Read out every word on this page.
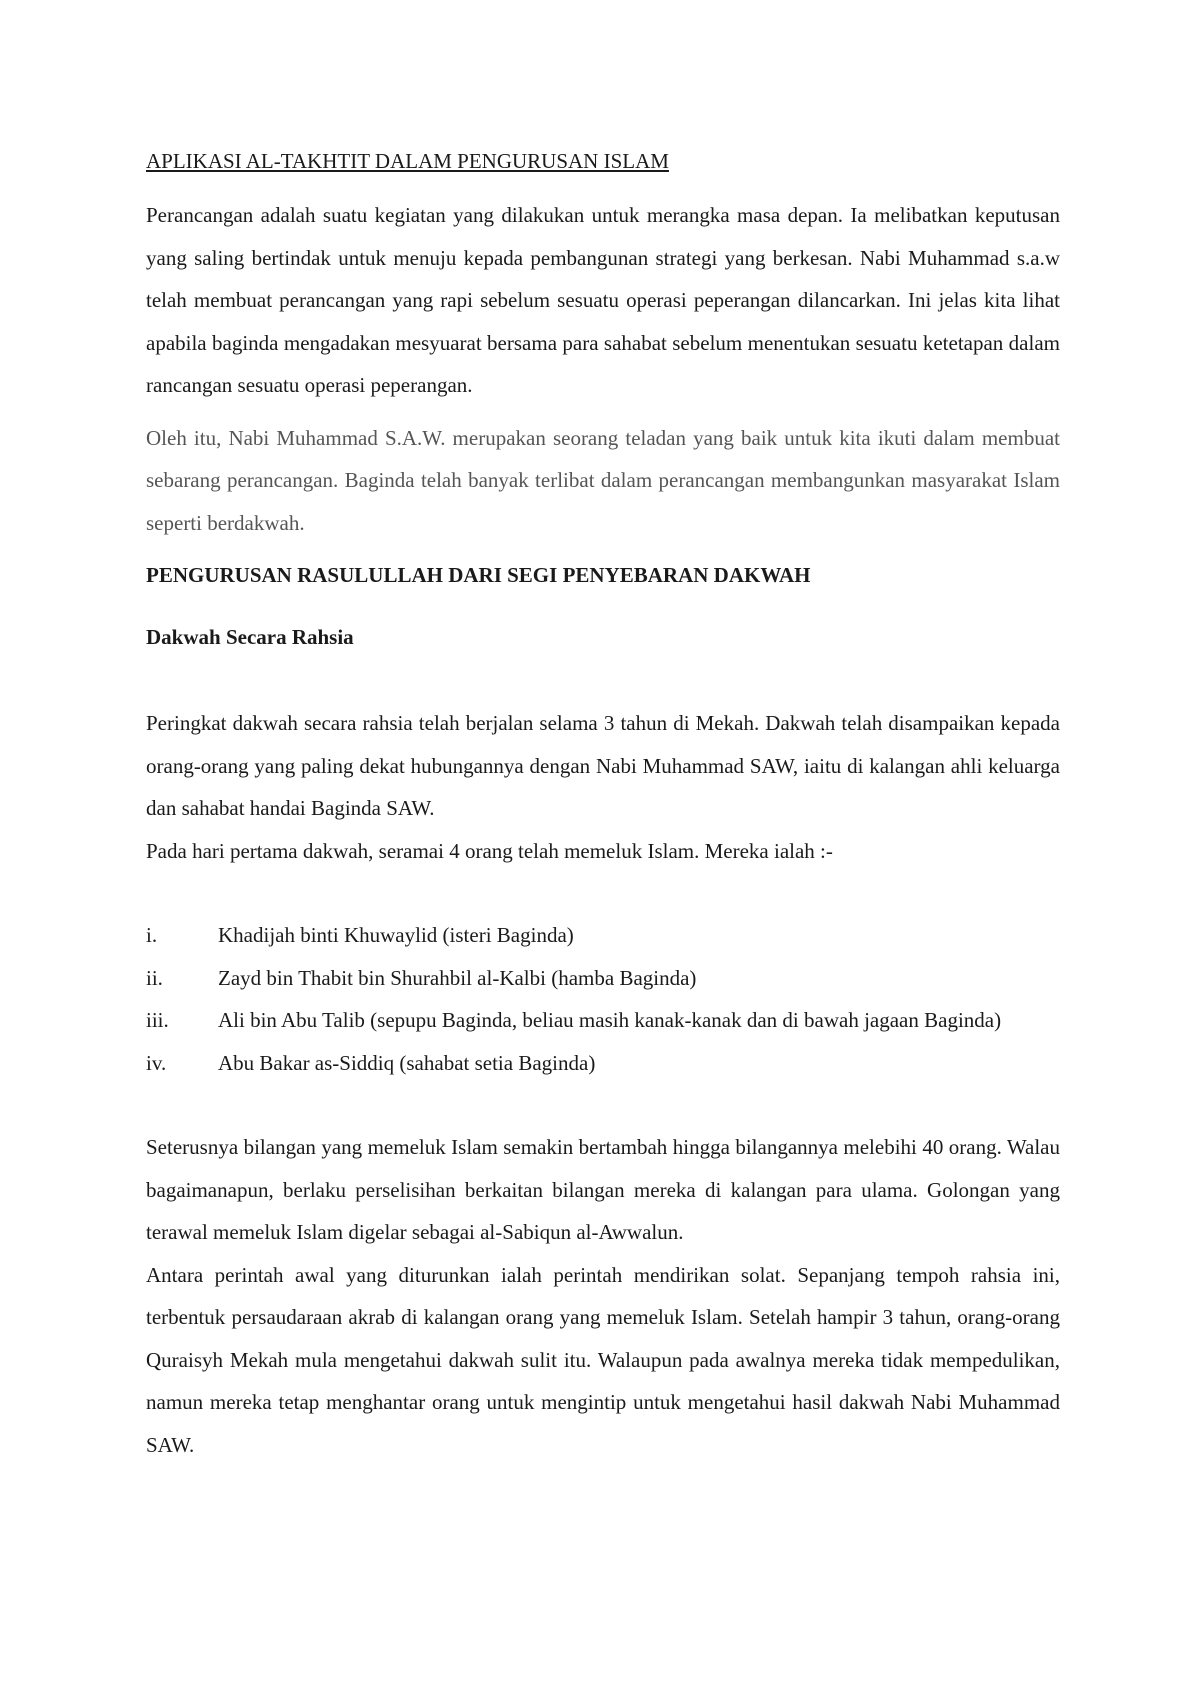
APLIKASI AL-TAKHTIT DALAM PENGURUSAN ISLAM

Perancangan adalah suatu kegiatan yang dilakukan untuk merangka masa depan. Ia melibatkan keputusan yang saling bertindak untuk menuju kepada pembangunan strategi yang berkesan. Nabi Muhammad s.a.w telah membuat perancangan yang rapi sebelum sesuatu operasi peperangan dilancarkan. Ini jelas kita lihat apabila baginda mengadakan mesyuarat bersama para sahabat sebelum menentukan sesuatu ketetapan dalam rancangan sesuatu operasi peperangan.

Oleh itu, Nabi Muhammad S.A.W. merupakan seorang teladan yang baik untuk kita ikuti dalam membuat sebarang perancangan. Baginda telah banyak terlibat dalam perancangan membangunkan masyarakat Islam seperti berdakwah.

PENGURUSAN RASULULLAH DARI SEGI PENYEBARAN DAKWAH
Dakwah Secara Rahsia

Peringkat dakwah secara rahsia telah berjalan selama 3 tahun di Mekah. Dakwah telah disampaikan kepada orang-orang yang paling dekat hubungannya dengan Nabi Muhammad SAW, iaitu di kalangan ahli keluarga dan sahabat handai Baginda SAW.

Pada hari pertama dakwah, seramai 4 orang telah memeluk Islam. Mereka ialah :-

i.	Khadijah binti Khuwaylid (isteri Baginda)
ii.	Zayd bin Thabit bin Shurahbil al-Kalbi (hamba Baginda)
iii. Ali bin Abu Talib (sepupu Baginda, beliau masih kanak-kanak dan di bawah jagaan Baginda)
iv. Abu Bakar as-Siddiq (sahabat setia Baginda)

Seterusnya bilangan yang memeluk Islam semakin bertambah hingga bilangannya melebihi 40 orang. Walau bagaimanapun, berlaku perselisihan berkaitan bilangan mereka di kalangan para ulama. Golongan yang terawal memeluk Islam digelar sebagai al-Sabiqun al-Awwalun.

Antara perintah awal yang diturunkan ialah perintah mendirikan solat. Sepanjang tempoh rahsia ini, terbentuk persaudaraan akrab di kalangan orang yang memeluk Islam. Setelah hampir 3 tahun, orang-orang Quraisyh Mekah mula mengetahui dakwah sulit itu. Walaupun pada awalnya mereka tidak mempedulikan, namun mereka tetap menghantar orang untuk mengintip untuk mengetahui hasil dakwah Nabi Muhammad SAW.
